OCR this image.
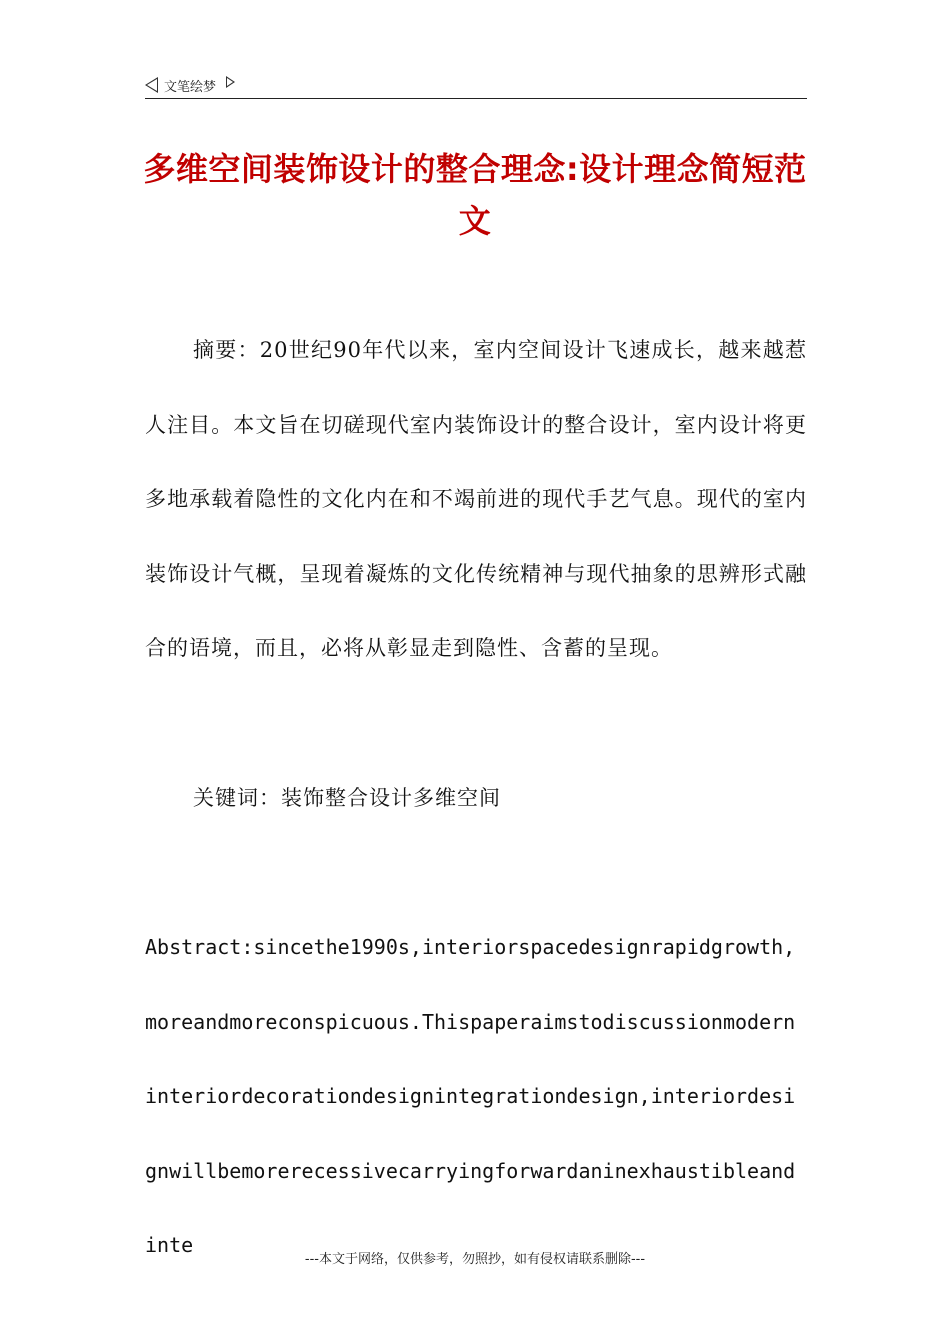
文笔绘梦
多维空间装饰设计的整合理念:设计理念简短范文
摘要：20世纪90年代以来，室内空间设计飞速成长，越来越惹人注目。本文旨在切磋现代室内装饰设计的整合设计，室内设计将更多地承载着隐性的文化内在和不竭前进的现代手艺气息。现代的室内装饰设计气概，呈现着凝炼的文化传统精神与现代抽象的思辨形式融合的语境，而且，必将从彰显走到隐性、含蓄的呈现。
关键词：装饰整合设计多维空间
Abstract:sincethe1990s,interiorspacedesignrapidgrowth,moreandmoreconspicuous.Thispaperaimstodiscussionmoderninteriordecorationdesignintegrationdesign,interiordesignwillbemorerecessivecarryingforwardaninexhaustibleandinte
---本文于网络，仅供参考，勿照抄，如有侵权请联系删除---
